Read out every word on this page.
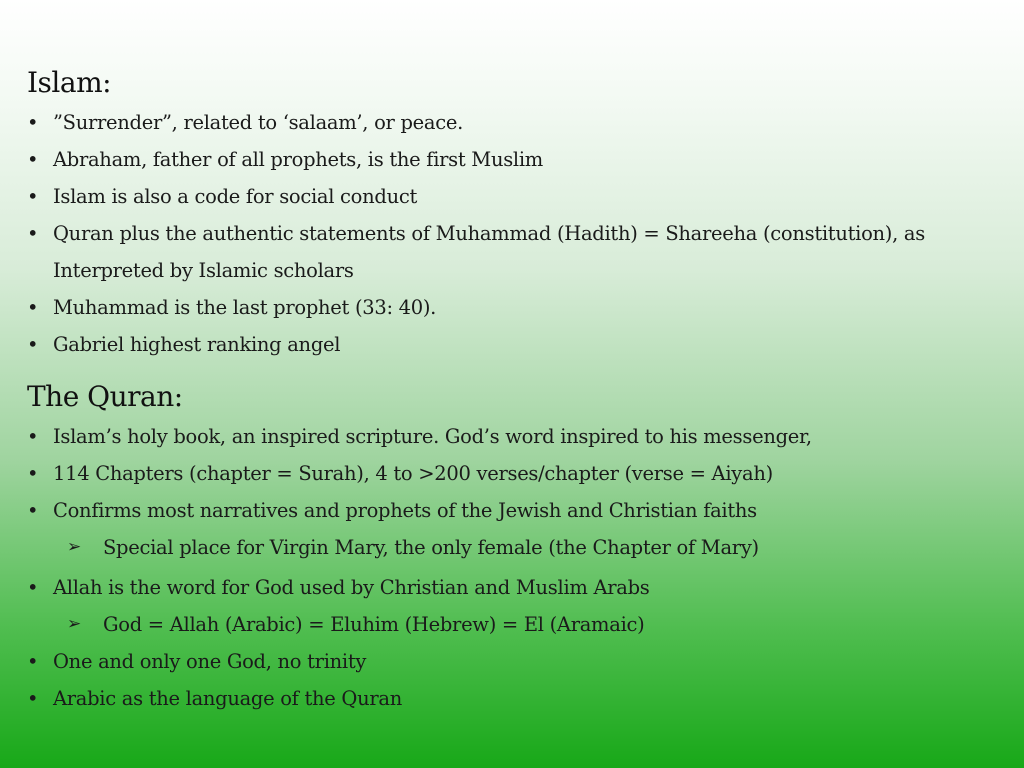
Islam:
• ”Surrender”, related to ‘salaam’, or peace.
• Abraham, father of all prophets, is the first Muslim
• Islam is also a code for social conduct
• Quran plus the authentic statements of Muhammad (Hadith) = Shareeha (constitution), as Interpreted by Islamic scholars
• Muhammad is the last prophet (33: 40).
• Gabriel highest ranking angel
The Quran:
• Islam’s holy book, an inspired scripture. God’s word inspired to his messenger,
• 114 Chapters (chapter = Surah), 4 to >200 verses/chapter (verse = Aiyah)
• Confirms most narratives and prophets of the Jewish and Christian faiths
➢ Special place for Virgin Mary, the only female (the Chapter of Mary)
• Allah is the word for God used by Christian and Muslim Arabs
➢ God = Allah (Arabic) = Eluhim (Hebrew) = El (Aramaic)
• One and only one God, no trinity
• Arabic as the language of the Quran
